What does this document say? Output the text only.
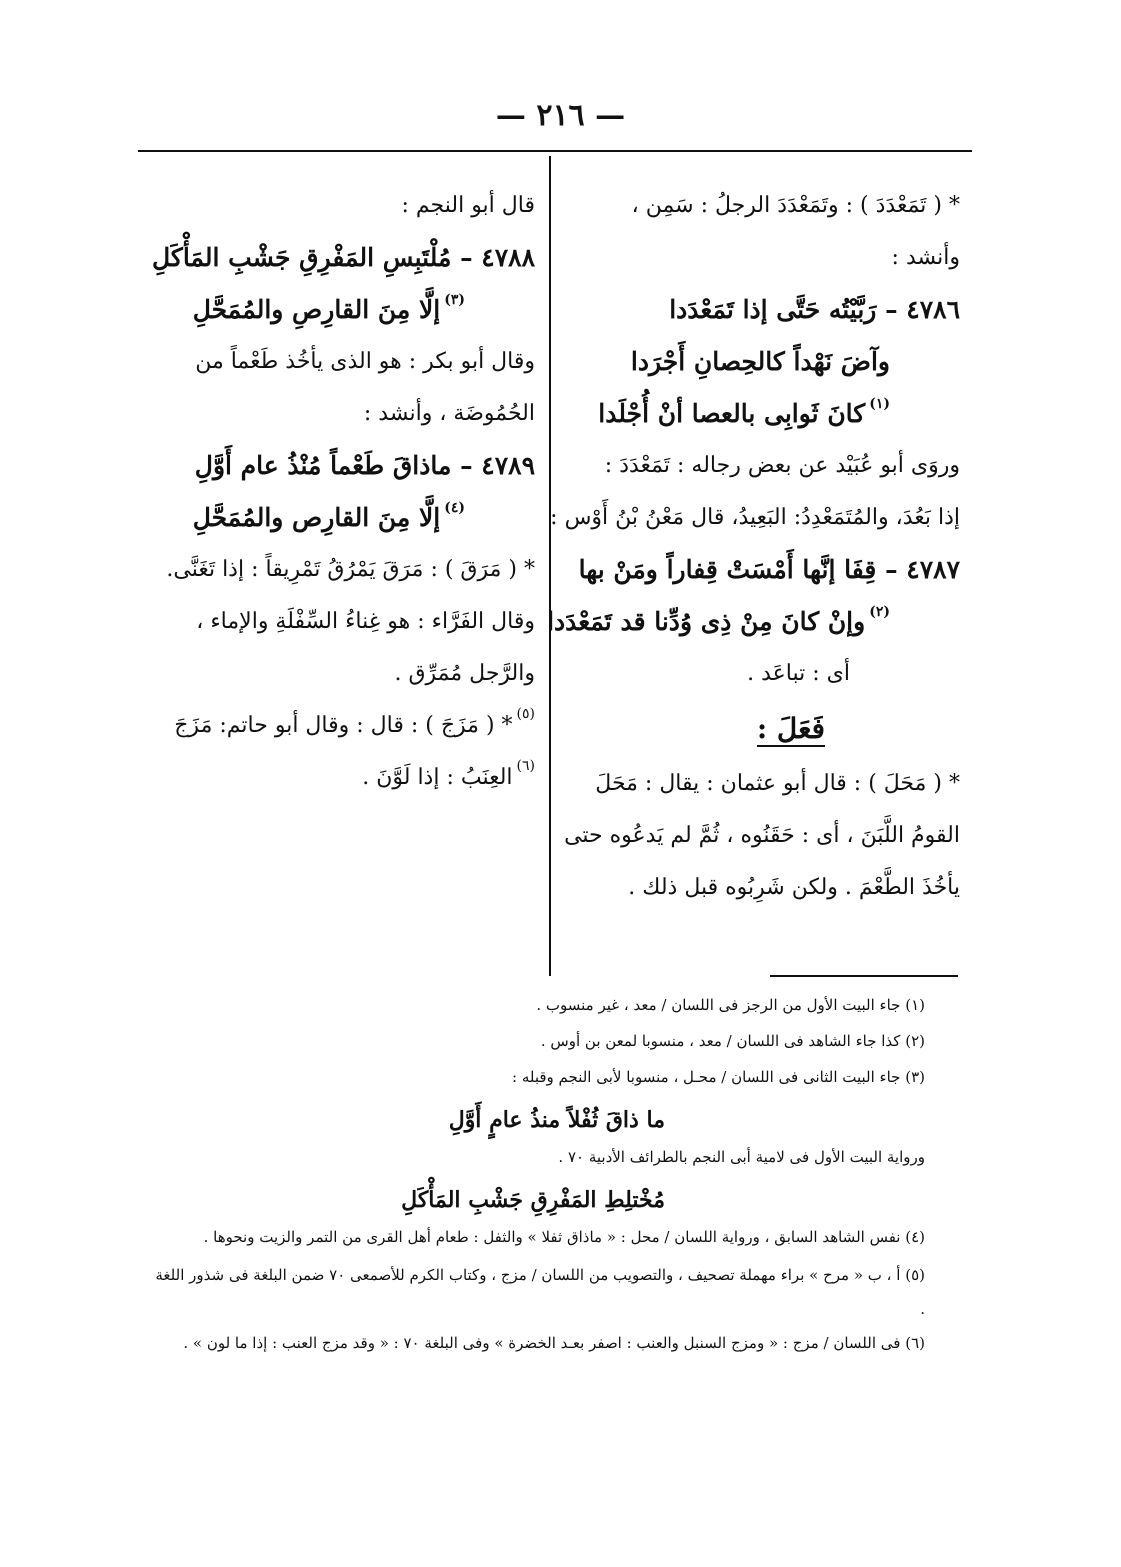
— ٢١٦ —
* ( تَمَعْدَدَ ) : وتَمَعْدَدَ الرجلُ : سَمِن ،
وأنشد :
٤٧٨٦ – رَبَّيْتُه حَتَّى إذا تَمَعْدَدا
وآضَ نَهْداً كالحِصانِ أَجْرَدا
$^{(١)}$كانَ ثَوابِى بالعصا أنْ أُجْلَدا
وروَى أبو عُبَيْد عن بعض رجاله : تَمَعْدَدَ :
إذا بَعُدَ، والمُتَمَعْدِدُ: البَعِيدُ، قال مَعْنُ بْنُ أَوْس :
٤٧٨٧ – قِفَا إنَّها أَمْسَتْ قِفاراً ومَنْ بها
$^{(٢)}$وإنْ كانَ مِنْ ذِى وُدِّنا قد تَمَعْدَدا
أى : تباعَد .
فَعَلَ :
* ( مَحَلَ ) : قال أبو عثمان : يقال : مَحَلَ
القومُ اللَّبَنَ ، أى : حَقَنُوه ، ثُمَّ لم يَدعُوه حتى
يأخُذَ الطَّعْمَ . ولكن شَرِبُوه قبل ذلك .
قال أبو النجم :
٤٧٨٨ – مُلْتَبِسِ المَفْرِقِ جَشْبِ المَأْكَلِ
$^{(٣)}$إلَّا مِنَ القارِصِ والمُمَحَّلِ
وقال أبو بكر : هو الذى يأخُذ طَعْماً من
الحُمُوضَة ، وأنشد :
٤٧٨٩ – ماذاقَ طَعْماً مُنْذُ عام أَوَّلِ
$^{(٤)}$إلَّا مِنَ القارِص والمُمَحَّلِ
* ( مَرَقَ ) : مَرَقَ يَمْرُقُ تَمْرِيقاً : إذا تَغَنَّى.
وقال الفَرَّاء : هو غِناءُ السِّفْلَةِ والإماء ،
والرَّجل مُمَرِّق .
$^{(٥)}$* ( مَزَجَ ) : قال : وقال أبو حاتم: مَزَجَ
$^{(٦)}$العِنَبُ : إذا لَوَّنَ .
(١) جاء البيت الأول من الرجز فى اللسان / معد ، غير منسوب .
(٢) كذا جاء الشاهد فى اللسان / معد ، منسوبا لمعن بن أوس .
(٣) جاء البيت الثانى فى اللسان / محـل ، منسوبا لأبى النجم وقبله :
ما ذاقَ ثُفْلاً منذُ عامٍ أَوَّلِ
ورواية البيت الأول فى لامية أبى النجم بالطرائف الأدبية ٧٠ .
مُخْتلِطِ المَفْرِقِ جَشْبِ المَأْكَلِ
(٤) نفس الشاهد السابق ، ورواية اللسان / محل : « ماذاق ثفلا » والثفل : طعام أهل القرى من التمر والزيت ونحوها .
(٥) أ ، ب « مرح » براء مهملة تصحيف ، والتصويب من اللسان / مزج ، وكتاب الكرم للأصمعى ٧٠ ضمن البلغة فى شذور اللغة .
(٦) فى اللسان / مزج : « ومزج السنبل والعنب : اصفر بعـد الخضرة » وفى البلغة ٧٠ : « وقد مزج العنب : إذا ما لون » .
